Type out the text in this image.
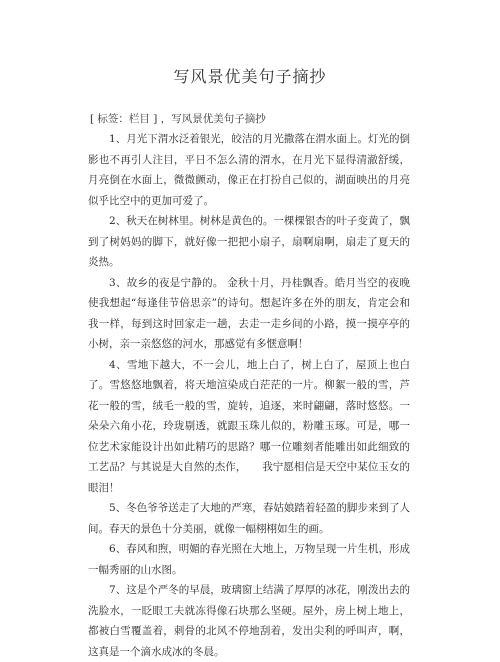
写风景优美句子摘抄
[ 标签：栏目 ] ，写风景优美句子摘抄

1、月光下渭水泛着银光，皎洁的月光撒落在渭水面上。灯光的倒影也不再引人注目，平日不怎么清的渭水，在月光下显得清澈舒缓，月亮倒在水面上，微微颤动，像正在打扮自己似的，湖面映出的月亮似乎比空中的更加可爱了。

2、秋天在树林里。树林是黄色的。一棵棵银杏的叶子变黄了，飘到了树妈妈的脚下，就好像一把把小扇子，扇啊扇啊，扇走了夏天的炎热。

3、故乡的夜是宁静的。 金秋十月，丹桂飘香。皓月当空的夜晚使我想起“每逢佳节倍思亲”的诗句。想起许多在外的朋友，肯定会和我一样，每到这时回家走一趟，去走一走乡间的小路，摸一摸亭亭的小树，亲一亲悠悠的河水，那感觉有多惬意啊！

4、雪地下越大，不一会儿，地上白了，树上白了，屋顶上也白了。雪悠悠地飘着，将天地渲染成白茫茫的一片。柳絮一般的雪，芦花一般的雪，绒毛一般的雪，旋转，追逐，来时翩翩，落时悠悠。一朵朵六角小花，玲珑剔透，就跟玉珠儿似的，粉雕玉琢。可是，哪一位艺术家能设计出如此精巧的思路？哪一位雕刻者能雕出如此细致的工艺品？与其说是大自然的杰作，　　我宁愿相信是天空中某位玉女的眼泪！

5、冬色爷爷送走了大地的严寒，春姑娘踏着轻盈的脚步来到了人间。春天的景色十分美丽，就像一幅栩栩如生的画。

6、春风和煦，明媚的春光照在大地上，万物呈现一片生机，形成一幅秀丽的山水图。

7、这是个严冬的早晨，玻璃窗上结满了厚厚的冰花，刚泼出去的洗脸水，一眨眼工夫就冻得像石块那么坚硬。屋外，房上树上地上，都被白雪覆盖着，刺骨的北风不停地刮着，发出尖利的呼叫声，啊，这真是一个滴水成冰的冬晨。
